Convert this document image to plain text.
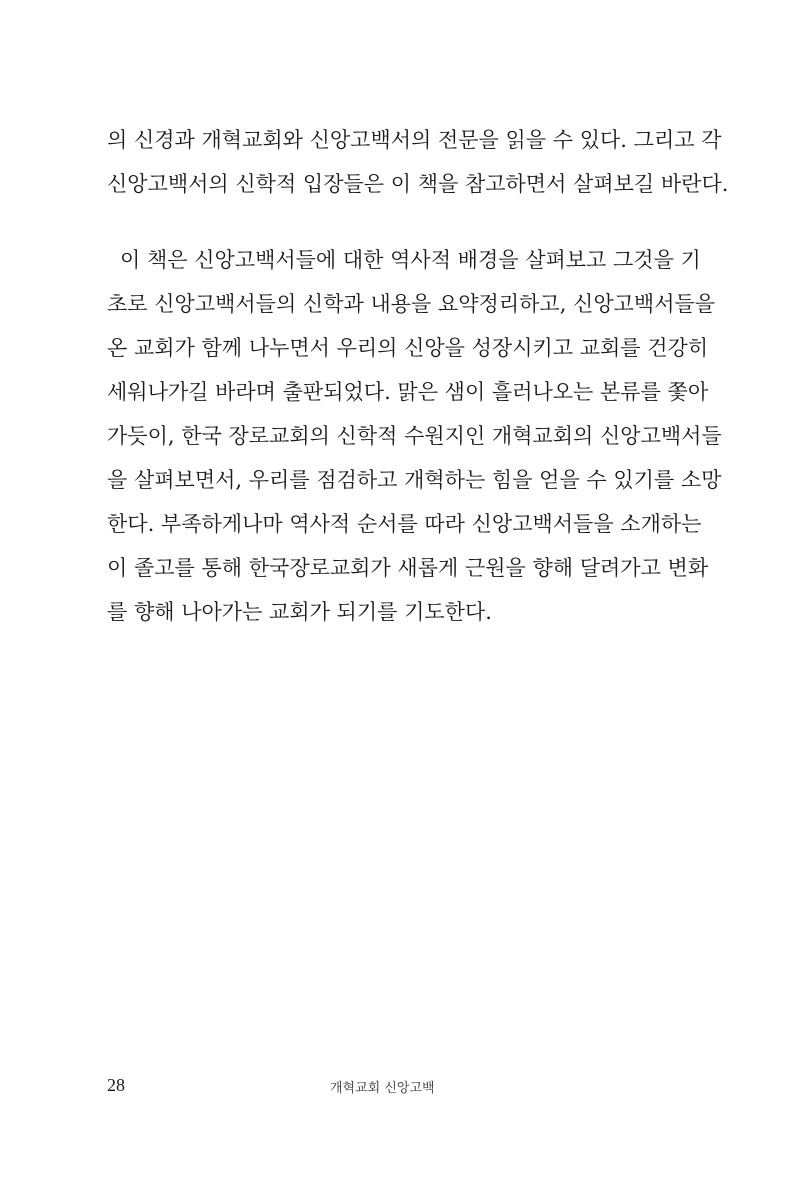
의 신경과 개혁교회와 신앙고백서의 전문을 읽을 수 있다. 그리고 각
신앙고백서의 신학적 입장들은 이 책을 참고하면서 살펴보길 바란다.
이 책은 신앙고백서들에 대한 역사적 배경을 살펴보고 그것을 기
초로 신앙고백서들의 신학과 내용을 요약정리하고, 신앙고백서들을
온 교회가 함께 나누면서 우리의 신앙을 성장시키고 교회를 건강히
세워나가길 바라며 출판되었다. 맑은 샘이 흘러나오는 본류를 쫓아
가듯이, 한국 장로교회의 신학적 수원지인 개혁교회의 신앙고백서들
을 살펴보면서, 우리를 점검하고 개혁하는 힘을 얻을 수 있기를 소망
한다. 부족하게나마 역사적 순서를 따라 신앙고백서들을 소개하는
이 졸고를 통해 한국장로교회가 새롭게 근원을 향해 달려가고 변화
를 향해 나아가는 교회가 되기를 기도한다.
28	개혁교회 신앙고백
